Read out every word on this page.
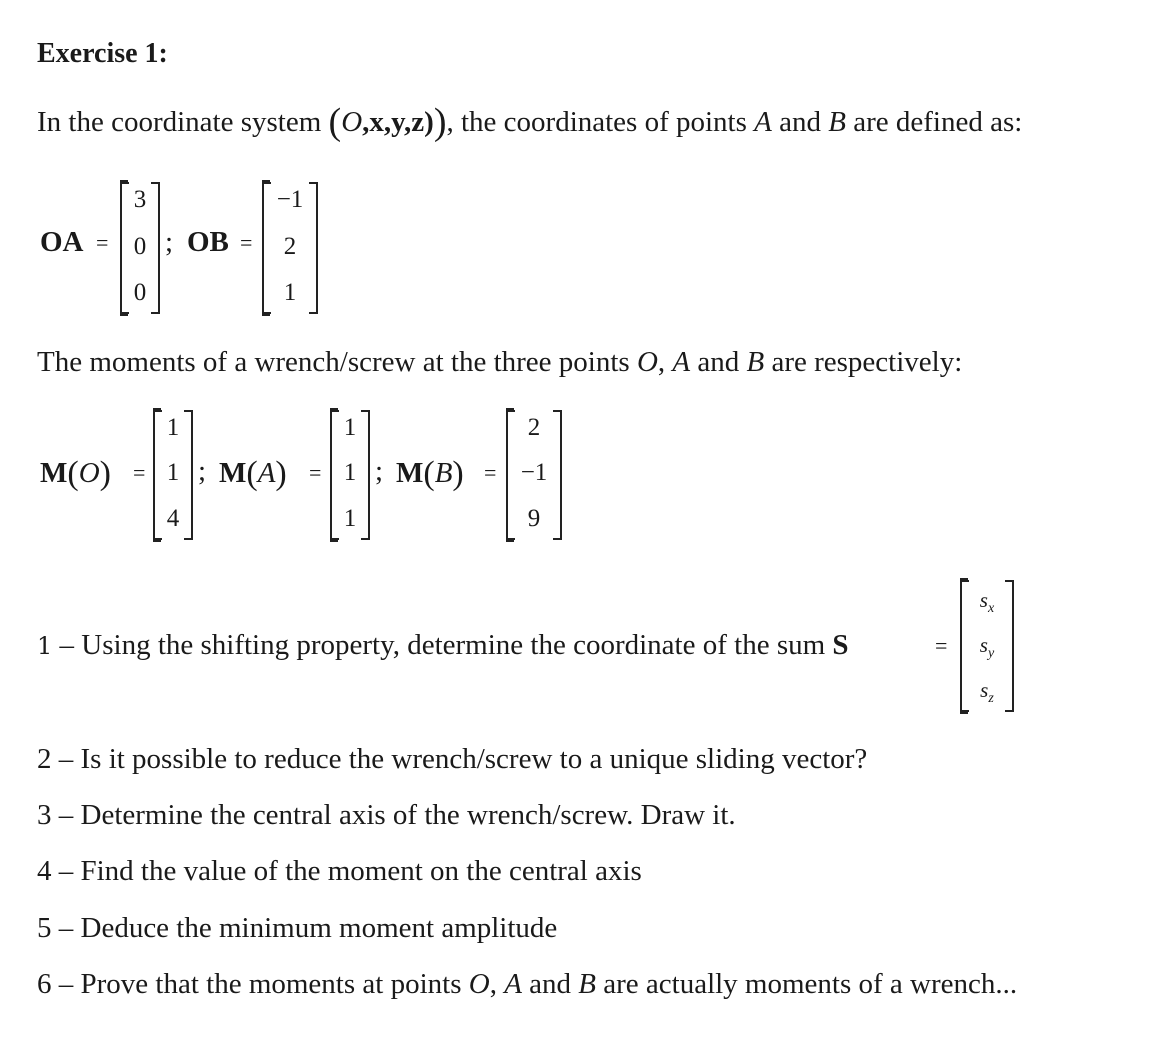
Exercise 1:
In the coordinate system (O,x,y,z)), the coordinates of points A and B are defined as:
OA =
3
0
0
; OB =
−1
2
1
The moments of a wrench/screw at the three points O, A and B are respectively:
M(O) =
1
1
4
; M(A) =
1
1
1
; M(B) =
2
−1
9
1 – Using the shifting property, determine the coordinate of the sum S	=
$s_x$
$s_y$
$s_z$
2 – Is it possible to reduce the wrench/screw to a unique sliding vector?
3 – Determine the central axis of the wrench/screw. Draw it.
4 – Find the value of the moment on the central axis
5 – Deduce the minimum moment amplitude
6 – Prove that the moments at points O, A and B are actually moments of a wrench...
